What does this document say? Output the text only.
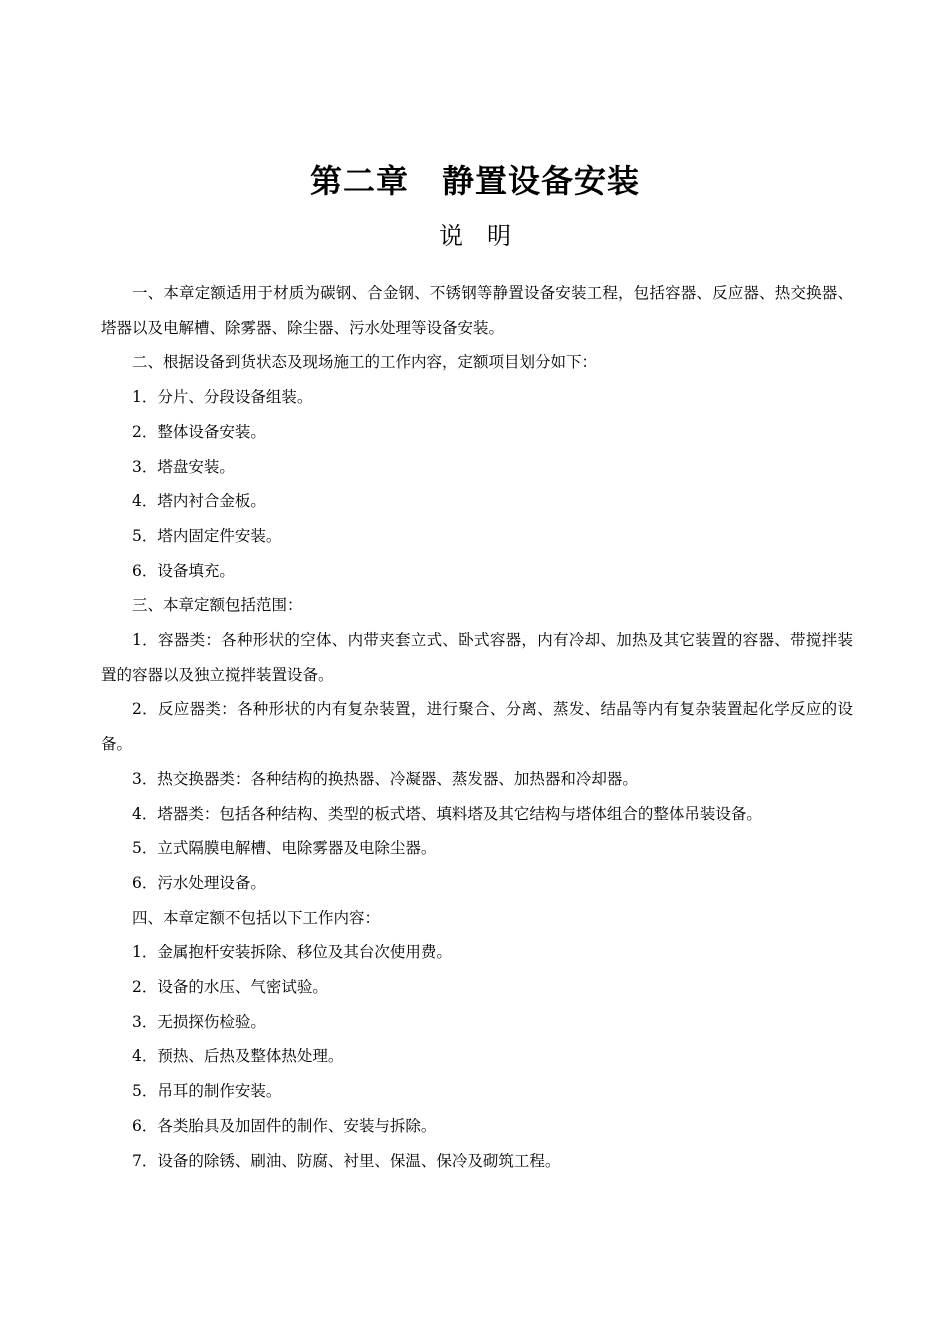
第二章　静置设备安装
说　明

一、本章定额适用于材质为碳钢、合金钢、不锈钢等静置设备安装工程，包括容器、反应器、热交换器、塔器以及电解槽、除雾器、除尘器、污水处理等设备安装。

二、根据设备到货状态及现场施工的工作内容，定额项目划分如下：

1．分片、分段设备组装。

2．整体设备安装。

3．塔盘安装。

4．塔内衬合金板。

5．塔内固定件安装。

6．设备填充。

三、本章定额包括范围：

1．容器类：各种形状的空体、内带夹套立式、卧式容器，内有冷却、加热及其它装置的容器、带搅拌装置的容器以及独立搅拌装置设备。

2．反应器类：各种形状的内有复杂装置，进行聚合、分离、蒸发、结晶等内有复杂装置起化学反应的设备。

3．热交换器类：各种结构的换热器、冷凝器、蒸发器、加热器和冷却器。

4．塔器类：包括各种结构、类型的板式塔、填料塔及其它结构与塔体组合的整体吊装设备。

5．立式隔膜电解槽、电除雾器及电除尘器。

6．污水处理设备。

四、本章定额不包括以下工作内容：

1．金属抱杆安装拆除、移位及其台次使用费。

2．设备的水压、气密试验。

3．无损探伤检验。

4．预热、后热及整体热处理。

5．吊耳的制作安装。

6．各类胎具及加固件的制作、安装与拆除。

7．设备的除锈、刷油、防腐、衬里、保温、保冷及砌筑工程。
